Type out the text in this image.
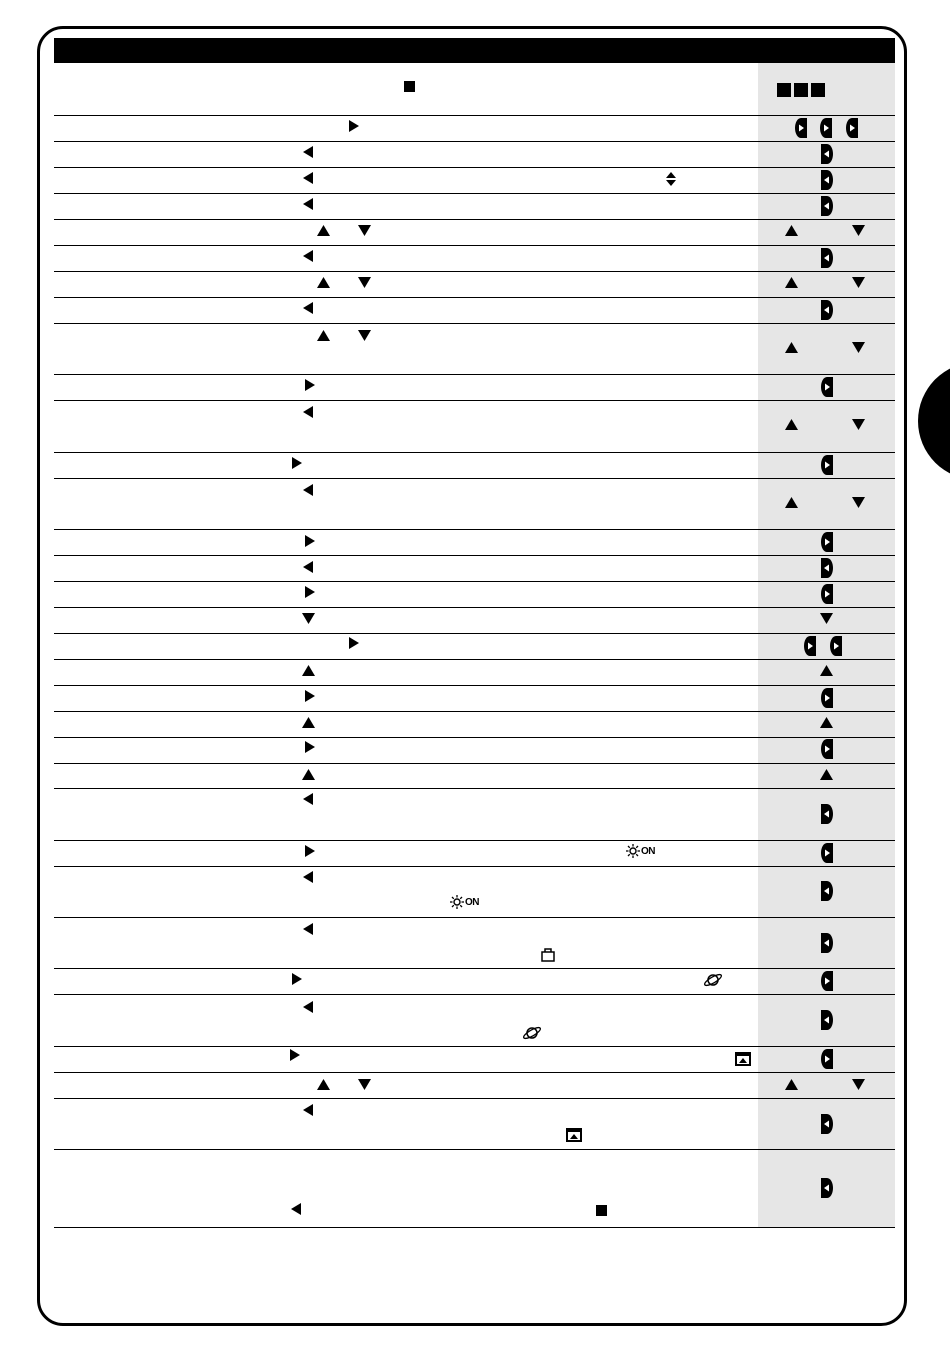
ON
ON
